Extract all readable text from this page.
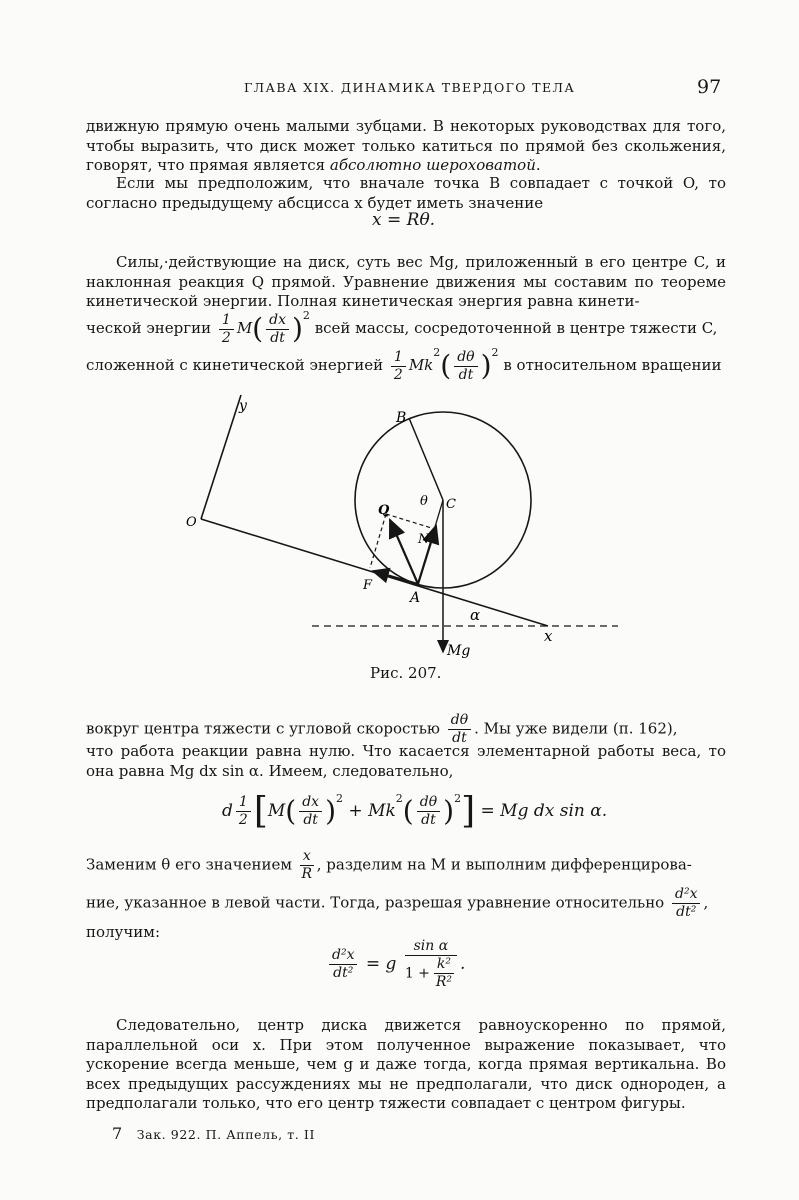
ГЛАВА XIX. ДИНАМИКА ТВЕРДОГО ТЕЛА	97
движную прямую очень малыми зубцами. В некоторых руководствах для того, чтобы выразить, что диск может только катиться по прямой без скольжения, говорят, что прямая является абсолютно шероховатой.
Если мы предположим, что вначале точка B совпадает с точкой O, то согласно предыдущему абсцисса x будет иметь значение
x = Rθ.
Силы,·действующие на диск, суть вес Mg, приложенный в его центре C, и наклонная реакция Q прямой. Уравнение движения мы составим по теореме кинетической энергии. Полная кинетическая энергия равна кинети-
ческой энергии $\frac{1}{2} M( \frac{dx}{dt} )^2$ всей массы, сосредоточенной в центре тяжести C,
сложенной с кинетической энергией $\frac{1}{2} Mk^2( \frac{d\theta}{dt} )^2$ в относительном вращении
y
O
B
θ C
Q
N
F
A
α
x
Mg
Рис. 207.
вокруг центра тяжести с угловой скоростью $\frac{d\theta}{dt}$ . Мы уже видели (п. 162),
что работа реакции равна нулю. Что касается элементарной работы веса, то она равна Mg dx sin α. Имеем, следовательно,
d $\frac{1}{2} [M( \frac{dx}{dt} )^2 + Mk^2( \frac{d\theta}{dt} )^2] = Mg$ dx sin α.
Заменим θ его значением $\frac{x}{R}$ , разделим на M и выполним дифференцирова-
ние, указанное в левой части. Тогда, разрешая уравнение относительно $\frac{\text{d²x}}{\text{dt²}}$ ,
получим:
$\frac{\text{d²x}}{\text{dt²}} = g \frac{\text{sin α}}{1 + \frac{\text{k²}}{\text{R²}}}$ .
Следовательно, центр диска движется равноускоренно по прямой, параллельной оси x. При этом полученное выражение показывает, что ускорение всегда меньше, чем g и даже тогда, когда прямая вертикальна. Во всех предыдущих рассуждениях мы не предполагали, что диск однороден, а предполагали только, что его центр тяжести совпадает с центром фигуры.
7 Зак. 922. П. Аппель, т. II
